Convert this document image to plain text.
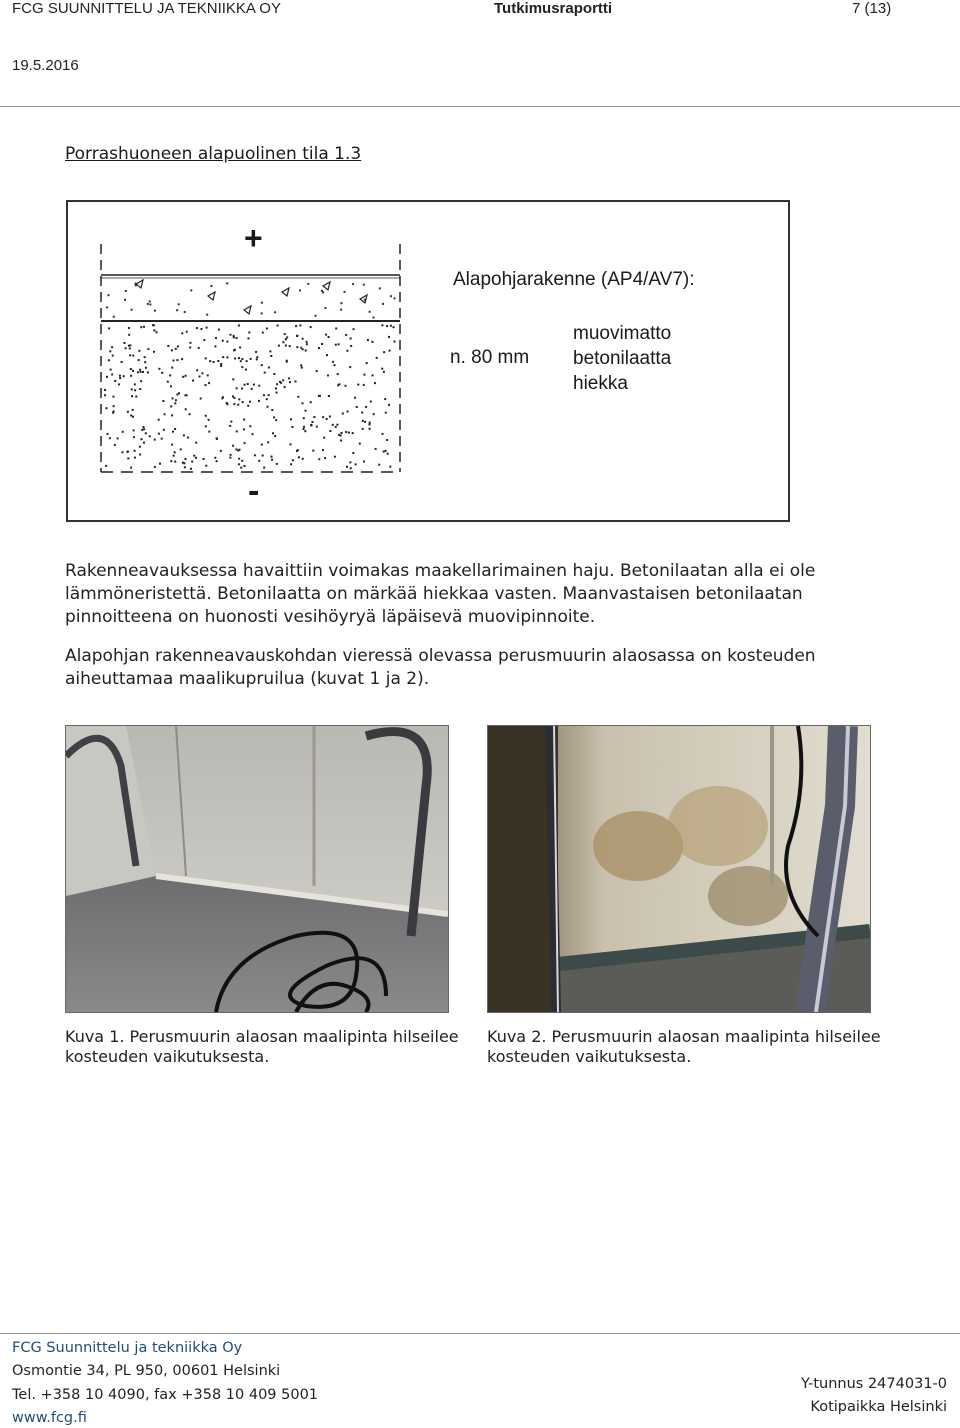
FCG SUUNNITTELU JA TEKNIIKKA OY	Tutkimusraportti	7 (13)
19.5.2016
Porrashuoneen alapuolinen tila 1.3
+
-
Alapohjarakenne (AP4/AV7):
n. 80 mm
muovimatto
betonilaatta
hiekka
Rakenneavauksessa havaittiin voimakas maakellarimainen haju. Betonilaatan alla ei ole lämmöneristettä. Betonilaatta on märkää hiekkaa vasten. Maanvastaisen betonilaatan pinnoitteena on huonosti vesihöyryä läpäisevä muovipinnoite.
Alapohjan rakenneavauskohdan vieressä olevassa perusmuurin alaosassa on kosteuden aiheuttamaa maalikupruilua (kuvat 1 ja 2).
Kuva 1. Perusmuurin alaosan maalipinta hilseilee kosteuden vaikutuksesta.
Kuva 2. Perusmuurin alaosan maalipinta hilseilee kosteuden vaikutuksesta.
FCG Suunnittelu ja tekniikka Oy
Osmontie 34, PL 950, 00601 Helsinki
Tel. +358 10 4090, fax +358 10 409 5001
www.fcg.fi
Y-tunnus 2474031-0
Kotipaikka Helsinki
